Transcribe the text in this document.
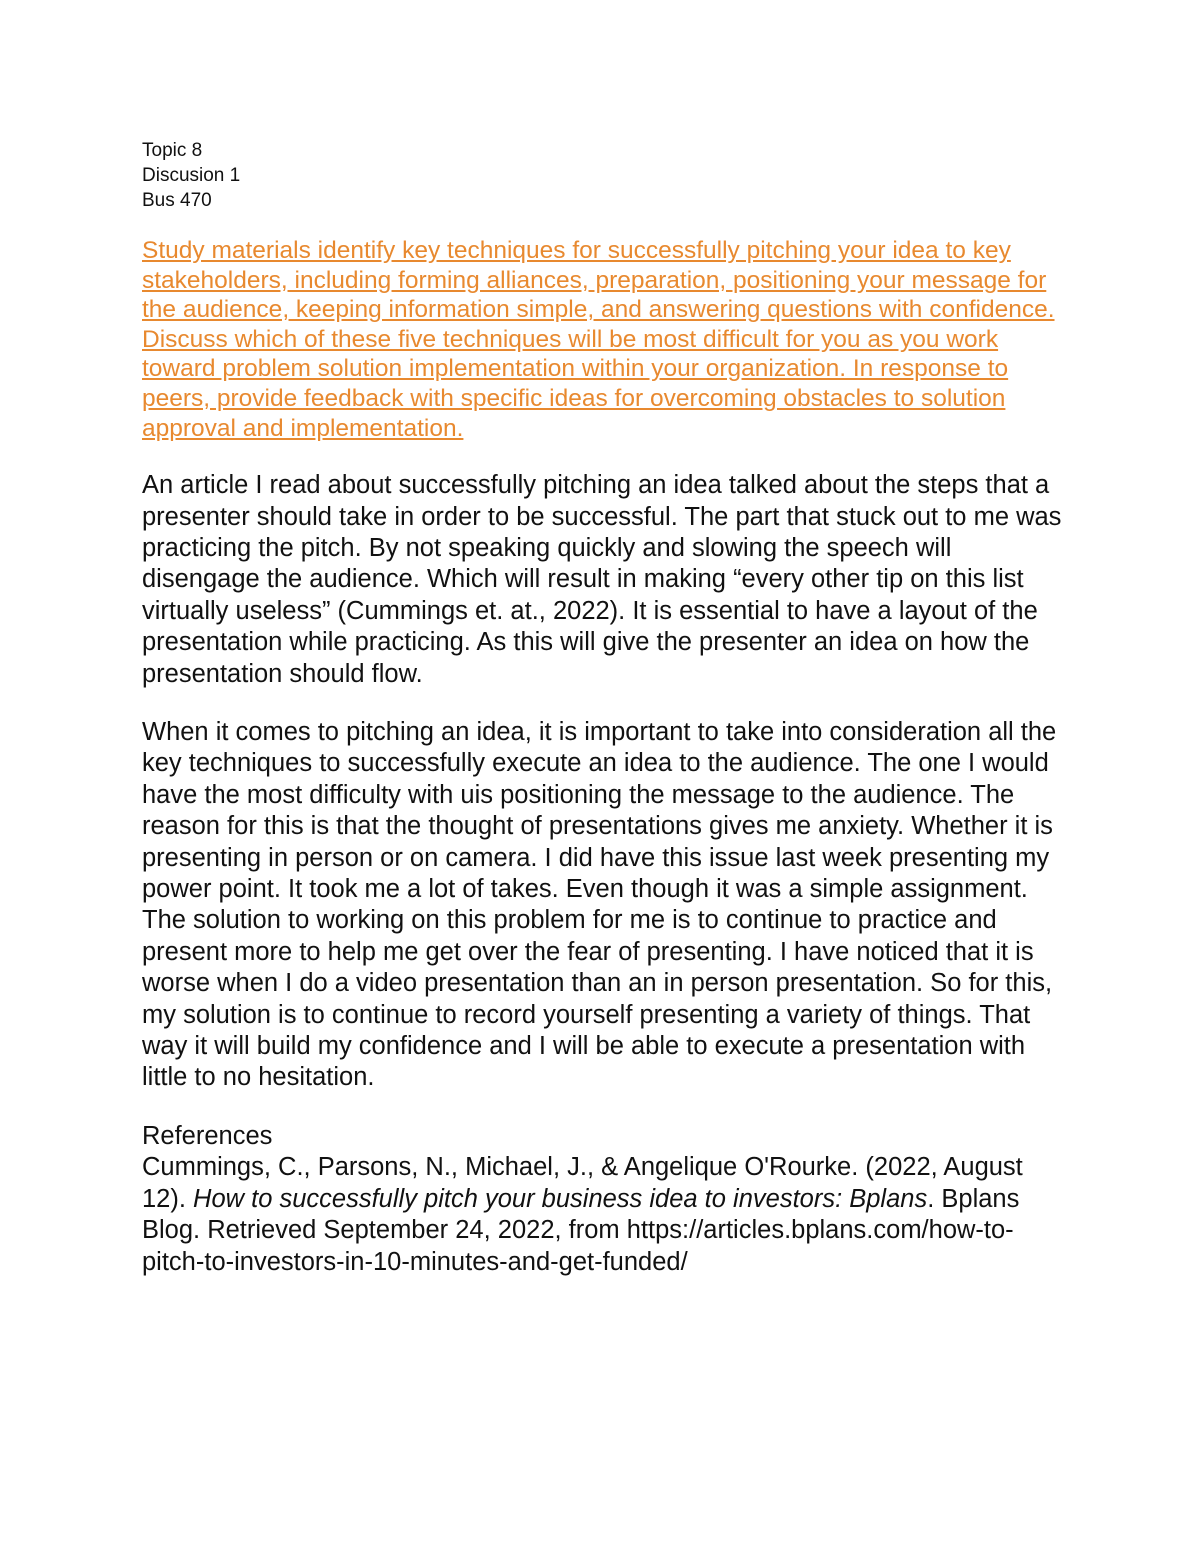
Topic 8
Discusion 1
Bus 470

Study materials identify key techniques for successfully pitching your idea to key stakeholders, including forming alliances, preparation, positioning your message for the audience, keeping information simple, and answering questions with confidence. Discuss which of these five techniques will be most difficult for you as you work toward problem solution implementation within your organization. In response to peers, provide feedback with specific ideas for overcoming obstacles to solution approval and implementation.

An article I read about successfully pitching an idea talked about the steps that a presenter should take in order to be successful. The part that stuck out to me was practicing the pitch. By not speaking quickly and slowing the speech will disengage the audience. Which will result in making “every other tip on this list virtually useless” (Cummings et. at., 2022). It is essential to have a layout of the presentation while practicing. As this will give the presenter an idea on how the presentation should flow.

When it comes to pitching an idea, it is important to take into consideration all the key techniques to successfully execute an idea to the audience. The one I would have the most difficulty with uis positioning the message to the audience. The reason for this is that the thought of presentations gives me anxiety. Whether it is presenting in person or on camera. I did have this issue last week presenting my power point. It took me a lot of takes. Even though it was a simple assignment. The solution to working on this problem for me is to continue to practice and present more to help me get over the fear of presenting. I have noticed that it is worse when I do a video presentation than an in person presentation. So for this, my solution is to continue to record yourself presenting a variety of things. That way it will build my confidence and I will be able to execute a presentation with little to no hesitation.

References
Cummings, C., Parsons, N., Michael, J., & Angelique O'Rourke. (2022, August 12). How to successfully pitch your business idea to investors: Bplans. Bplans Blog. Retrieved September 24, 2022, from https://articles.bplans.com/how-to-pitch-to-investors-in-10-minutes-and-get-funded/
